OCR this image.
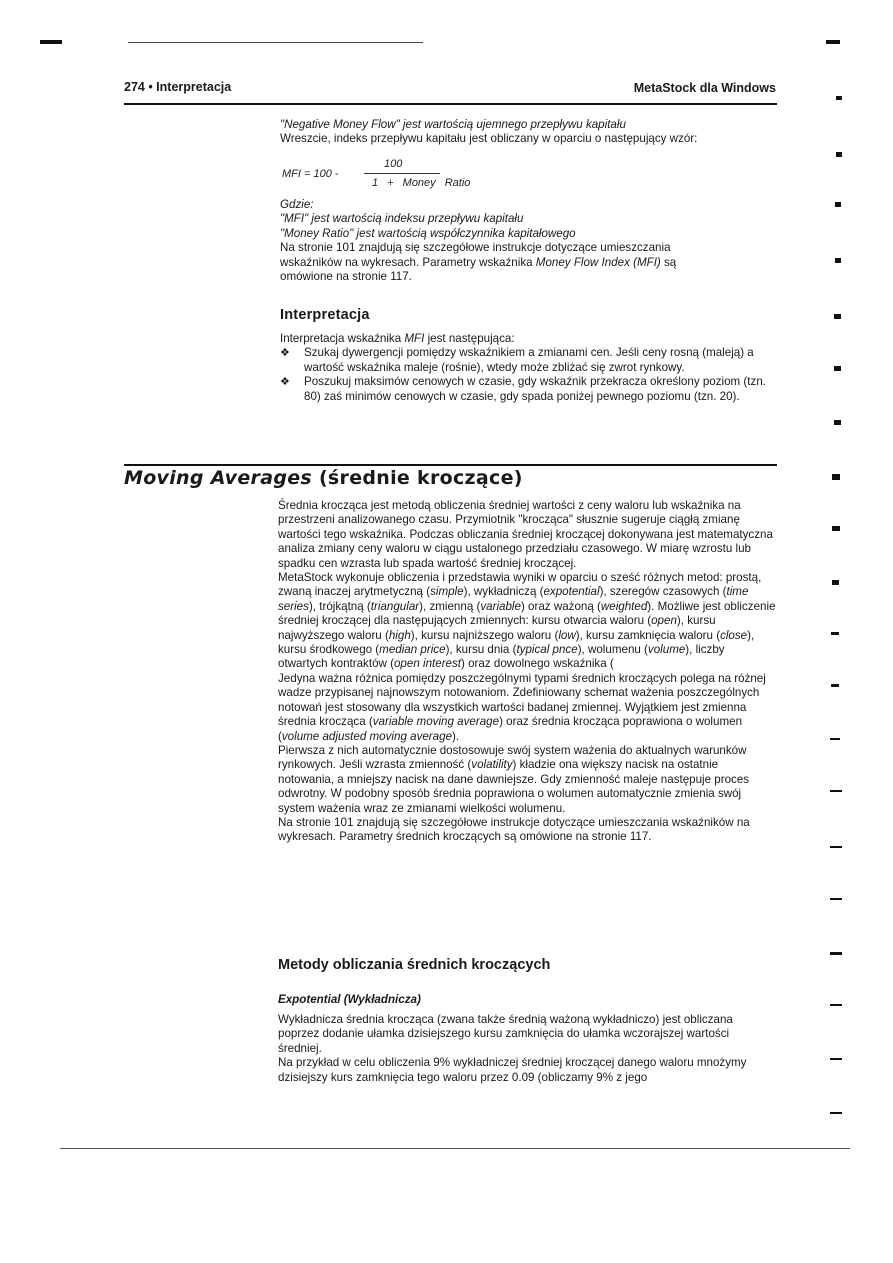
274 • Interpretacja	MetaStock dla Windows

"Negative Money Flow" jest wartością ujemnego przepływu kapitału

Wreszcie, indeks przepływu kapitału jest obliczany w oparciu o następujący wzór:

MFI = 100 -
100
1 + Money Ratio

Gdzie:

"MFI" jest wartością indeksu przepływu kapitału

"Money Ratio" jest wartością współczynnika kapitałowego

Na stronie 101 znajdują się szczegółowe instrukcje dotyczące umieszczania

wskaźników na wykresach. Parametry wskaźnika Money Flow Index (MFI) są

omówione na stronie 117.

Interpretacja

Interpretacja wskaźnika MFI jest następująca:

❖ Szukaj dywergencji pomiędzy wskaźnikiem a zmianami cen. Jeśli ceny rosną (maleją) a wartość wskaźnika maleje (rośnie), wtedy może zbliżać się zwrot rynkowy.

❖ Poszukuj maksimów cenowych w czasie, gdy wskaźnik przekracza określony poziom (tzn. 80) zaś minimów cenowych w czasie, gdy spada poniżej pewnego poziomu (tzn. 20).

Moving Averages (średnie kroczące)

Średnia krocząca jest metodą obliczenia średniej wartości z ceny waloru lub wskaźnika na przestrzeni analizowanego czasu. Przymiotnik "krocząca" słusznie sugeruje ciągłą zmianę wartości tego wskaźnika. Podczas obliczania średniej kroczącej dokonywana jest matematyczna analiza zmiany ceny waloru w ciągu ustalonego przedziału czasowego. W miarę wzrostu lub spadku cen wzrasta lub spada wartość średniej kroczącej.

MetaStock wykonuje obliczenia i przedstawia wyniki w oparciu o sześć różnych metod: prostą, zwaną inaczej arytmetyczną (simple), wykładniczą (expotential), szeregów czasowych (time series), trójkątną (triangular), zmienną (variable) oraz ważoną (weighted). Możliwe jest obliczenie średniej kroczącej dla następujących zmiennych: kursu otwarcia waloru (open), kursu najwyższego waloru (high), kursu najniższego waloru (low), kursu zamknięcia waloru (close), kursu środkowego (median price), kursu dnia (typical pnce), wolumenu (volume), liczby otwartych kontraktów (open interest) oraz dowolnego wskaźnika (

Jedyna ważna różnica pomiędzy poszczególnymi typami średnich kroczących polega na różnej wadze przypisanej najnowszym notowaniom. Zdefiniowany schemat ważenia poszczególnych notowań jest stosowany dla wszystkich wartości badanej zmiennej. Wyjątkiem jest zmienna średnia krocząca (variable moving average) oraz średnia krocząca poprawiona o wolumen (volume adjusted moving average).

Pierwsza z nich automatycznie dostosowuje swój system ważenia do aktualnych warunków rynkowych. Jeśli wzrasta zmienność (volatility) kładzie ona większy nacisk na ostatnie notowania, a mniejszy nacisk na dane dawniejsze. Gdy zmienność maleje następuje proces odwrotny. W podobny sposób średnia poprawiona o wolumen automatycznie zmienia swój system ważenia wraz ze zmianami wielkości wolumenu.

Na stronie 101 znajdują się szczegółowe instrukcje dotyczące umieszczania wskaźników na wykresach. Parametry średnich kroczących są omówione na stronie 117.

Metody obliczania średnich kroczących
Expotential (Wykładnicza)

Wykładnicza średnia krocząca (zwana także średnią ważoną wykładniczo) jest obliczana poprzez dodanie ułamka dzisiejszego kursu zamknięcia do ułamka wczorajszej wartości średniej.

Na przykład w celu obliczenia 9% wykładniczej średniej kroczącej danego waloru mnożymy dzisiejszy kurs zamknięcia tego waloru przez 0.09 (obliczamy 9% z jego
